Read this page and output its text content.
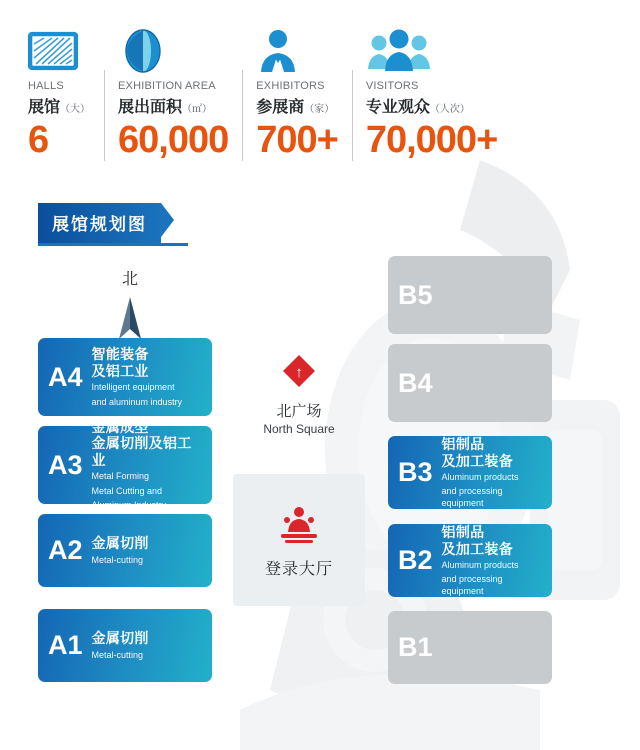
HALLS
展馆（大）
6
EXHIBITION AREA
展出面积（㎡）
60,000
EXHIBITORS
参展商（家）
700+
VISITORS
专业观众（人次）
70,000+
展馆规划图
北
↑
北广场
North Square
登录大厅
A4
智能装备
及铝工业
Intelligent equipment
and aluminum industry
A3
金属成型
金属切削及铝工业
Metal Forming
Metal Cutting and
Aluminum Industry
A2 金属切削
Metal-cutting
A1 金属切削
Metal-cutting
B5
B4
B3
铝制品
及加工装备
Aluminum products
and processing equipment
B2
铝制品
及加工装备
Aluminum products
and processing equipment
B1
